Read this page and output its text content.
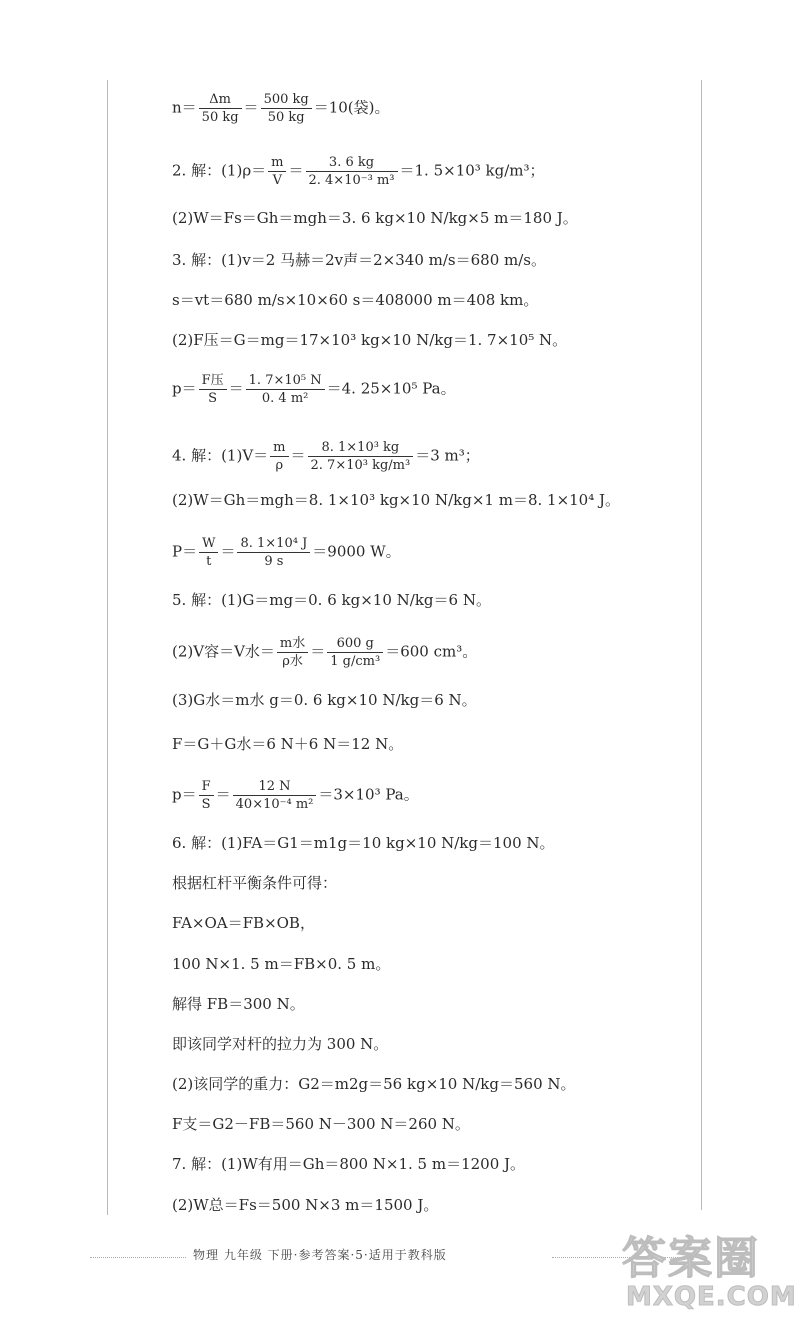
$n= \frac{\Delta m}{50 kg} = \frac{500 kg}{50 kg} =10$(袋)。
2. 解：$(1)\rho= \frac{m}{V} = \frac{3. 6 kg}{\text{2. 4×10⁻³ m³}} =1$. 5×10³ kg/m³；
(2)W＝Fs＝Gh＝mgh＝3. 6 kg×10 N/kg×5 m＝180 J。
3. 解：(1)v＝2 马赫＝2v声＝2×340 m/s＝680 m/s。
s＝vt＝680 m/s×10×60 s＝408000 m＝408 km。
(2)F压＝G＝mg＝17×10³ kg×10 N/kg＝1. 7×10⁵ N。
$p= \frac{\text{F压}}{S} = \frac{\text{1. 7×10⁵ N}}{\text{0. 4 m²}} =4$. 25×10⁵ Pa。
4. 解：$(1)V= \frac{m}{\rho} = \frac{\text{8. 1×10³ kg}}{\text{2. 7×10³ kg/m³}} =3$ m³；
(2)W＝Gh＝mgh＝8. 1×10³ kg×10 N/kg×1 m＝8. 1×10⁴ J。
$P= \frac{W}{t} = \frac{\text{8. 1×10⁴ J}}{9 s} =9000$ W。
5. 解：(1)G＝mg＝0. 6 kg×10 N/kg＝6 N。
(2)V容＝V水＝ $\frac{\text{m水}}{\text{ρ水}} = \frac{600 g}{\text{1 g/cm³}} =600$ cm³。
(3)G水＝m水 g＝0. 6 kg×10 N/kg＝6 N。
F＝G＋G水＝6 N＋6 N＝12 N。
$p= \frac{F}{S} = \frac{12 N}{\text{40×10⁻⁴ m²}} =3\times 10^3$ Pa。
6. 解：(1)FA＝G1＝m1g＝10 kg×10 N/kg＝100 N。
根据杠杆平衡条件可得：
FA×OA＝FB×OB，
100 N×1. 5 m＝FB×0. 5 m。
解得 FB＝300 N。
即该同学对杆的拉力为 300 N。
(2)该同学的重力：G2＝m2g＝56 kg×10 N/kg＝560 N。
F支＝G2－FB＝560 N－300 N＝260 N。
7. 解：(1)W有用＝Gh＝800 N×1. 5 m＝1200 J。
(2)W总＝Fs＝500 N×3 m＝1500 J。
物理 九年级 下册·参考答案·5·适用于教科版	答案圈
MXQE.COM
